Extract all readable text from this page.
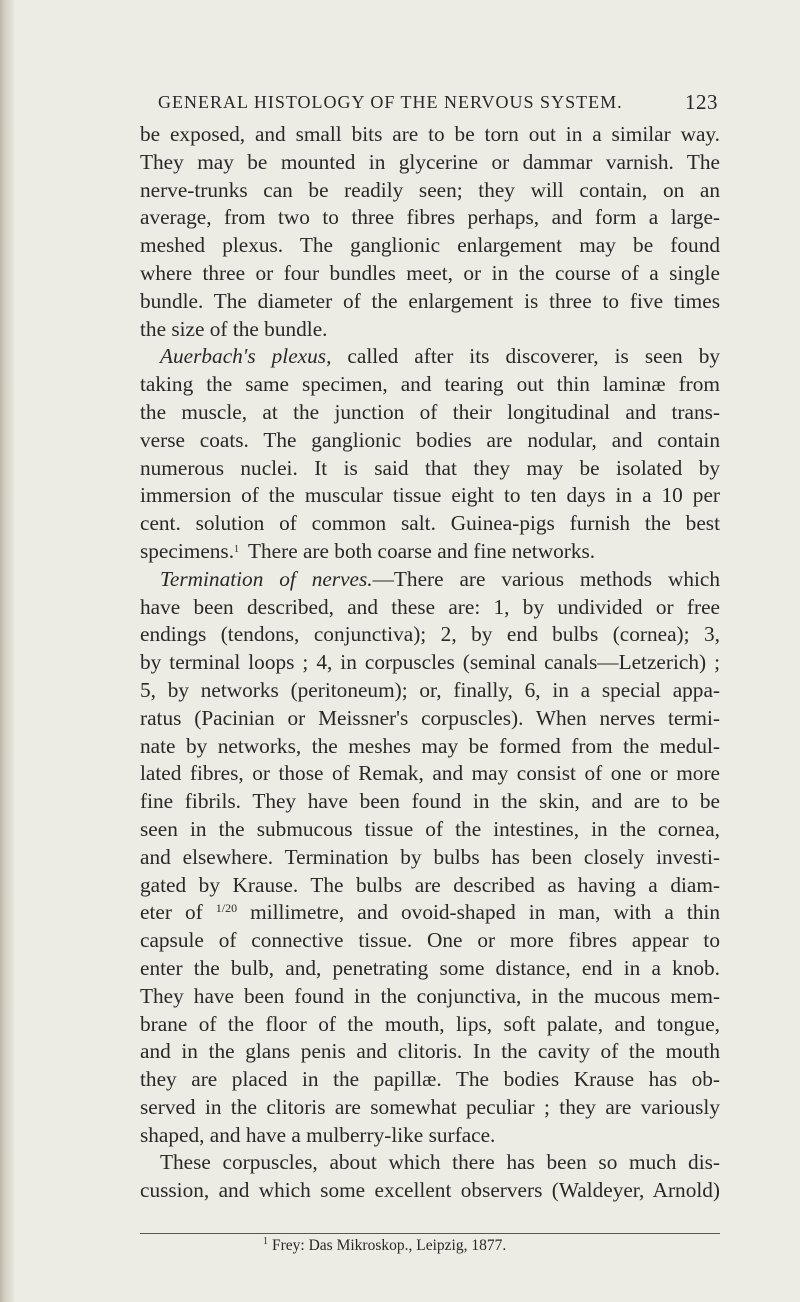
GENERAL HISTOLOGY OF THE NERVOUS SYSTEM.	123
be exposed, and small bits are to be torn out in a similar way.
They may be mounted in glycerine or dammar varnish. The
nerve-trunks can be readily seen; they will contain, on an
average, from two to three fibres perhaps, and form a large-
meshed plexus. The ganglionic enlargement may be found
where three or four bundles meet, or in the course of a single
bundle. The diameter of the enlargement is three to five times
the size of the bundle.
Auerbach's plexus, called after its discoverer, is seen by
taking the same specimen, and tearing out thin laminæ from
the muscle, at the junction of their longitudinal and trans-
verse coats. The ganglionic bodies are nodular, and contain
numerous nuclei. It is said that they may be isolated by
immersion of the muscular tissue eight to ten days in a 10 per
cent. solution of common salt. Guinea-pigs furnish the best
specimens.$^1$ There are both coarse and fine networks.
Termination of nerves.—There are various methods which
have been described, and these are: 1, by undivided or free
endings (tendons, conjunctiva); 2, by end bulbs (cornea); 3,
by terminal loops ; 4, in corpuscles (seminal canals—Letzerich) ;
5, by networks (peritoneum); or, finally, 6, in a special appa-
ratus (Pacinian or Meissner's corpuscles). When nerves termi-
nate by networks, the meshes may be formed from the medul-
lated fibres, or those of Remak, and may consist of one or more
fine fibrils. They have been found in the skin, and are to be
seen in the submucous tissue of the intestines, in the cornea,
and elsewhere. Termination by bulbs has been closely investi-
gated by Krause. The bulbs are described as having a diam-
eter of $^{1/20}$ millimetre, and ovoid-shaped in man, with a thin
capsule of connective tissue. One or more fibres appear to
enter the bulb, and, penetrating some distance, end in a knob.
They have been found in the conjunctiva, in the mucous mem-
brane of the floor of the mouth, lips, soft palate, and tongue,
and in the glans penis and clitoris. In the cavity of the mouth
they are placed in the papillæ. The bodies Krause has ob-
served in the clitoris are somewhat peculiar ; they are variously
shaped, and have a mulberry-like surface.
These corpuscles, about which there has been so much dis-
cussion, and which some excellent observers (Waldeyer, Arnold)
$^1$ Frey: Das Mikroskop., Leipzig, 1877.
